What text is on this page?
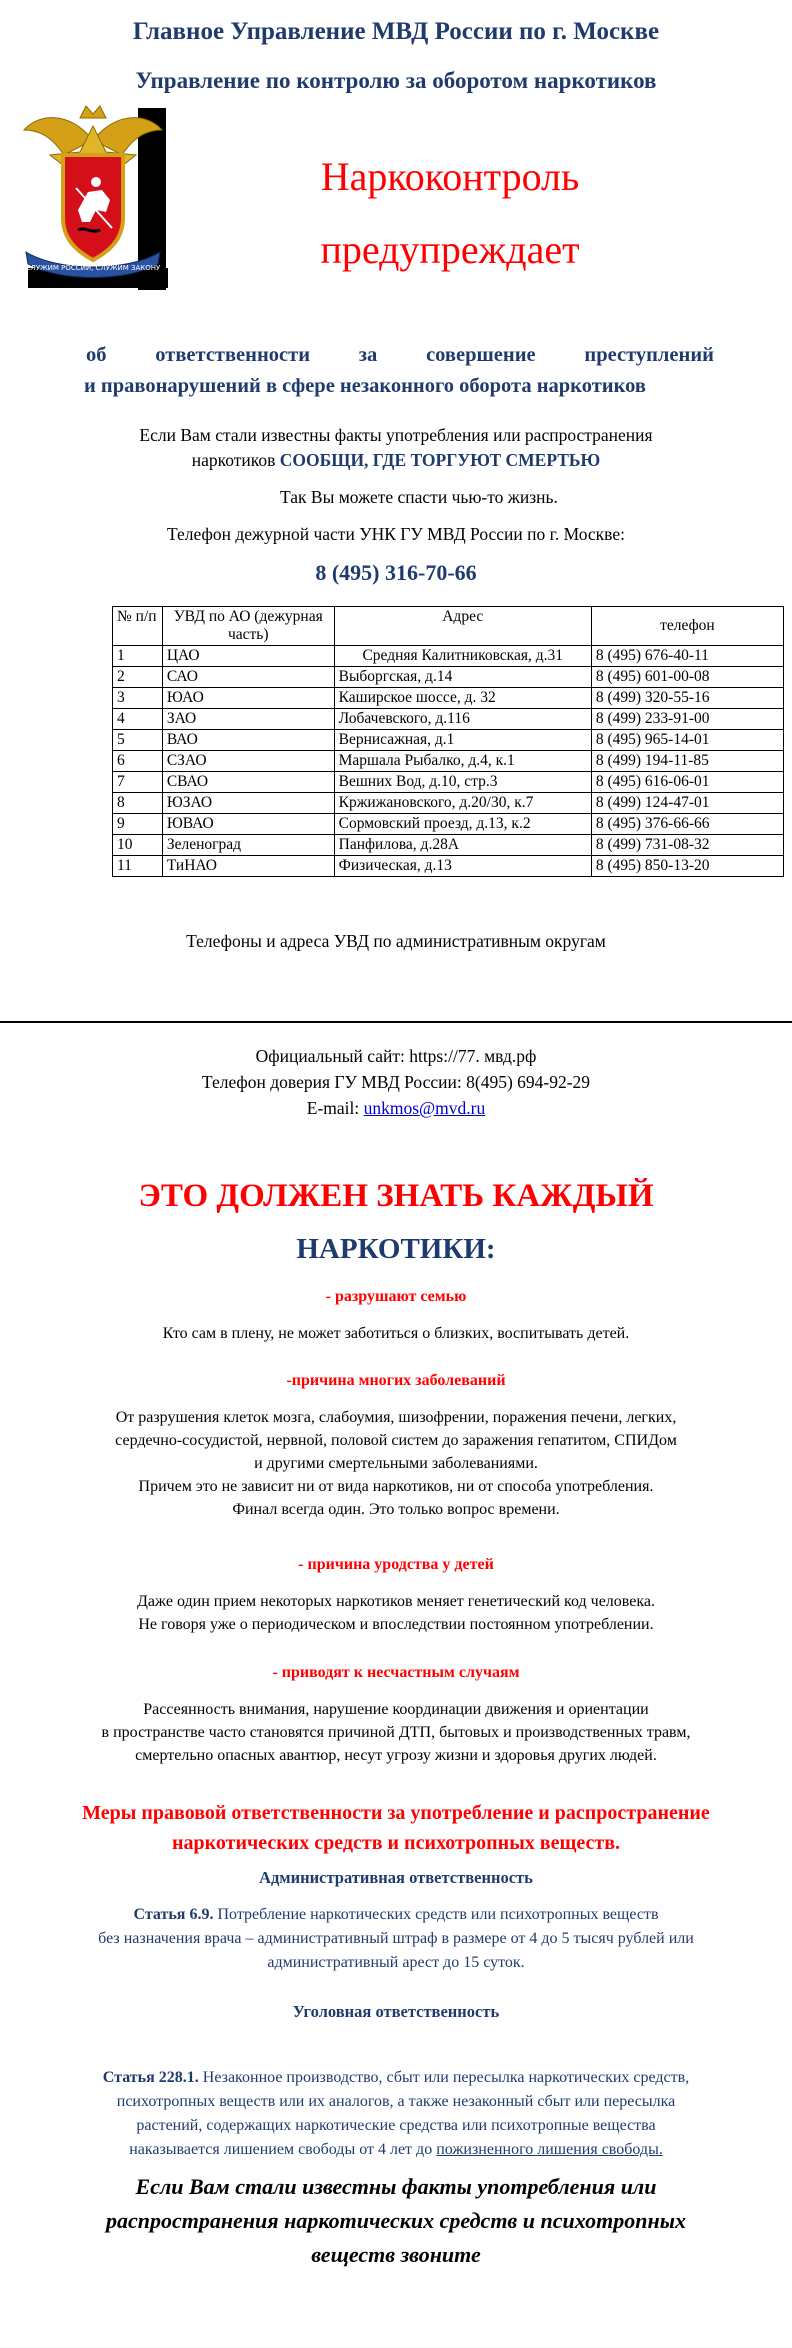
Главное Управление МВД России по г. Москве
Управление по контролю за оборотом наркотиков
СЛУЖИМ РОССИИ, СЛУЖИМ ЗАКОНУ
Наркоконтроль
предупреждает
об ответственности за совершение преступлений
и правонарушений в сфере незаконного оборота наркотиков
Если Вам стали известны факты употребления или распространения
наркотиков СООБЩИ, ГДЕ ТОРГУЮТ СМЕРТЬЮ
Так Вы можете спасти чью-то жизнь.
Телефон дежурной части УНК ГУ МВД России по г. Москве:
8 (495) 316-70-66
№ п/п	УВД по АО (дежурная часть)	Адрес	телефон
1	ЦАО	Средняя Калитниковская, д.31	8 (495) 676-40-11
2	САО	Выборгская, д.14	8 (495) 601-00-08
3	ЮАО	Каширское шоссе, д. 32	8 (499) 320-55-16
4	ЗАО	Лобачевского, д.116	8 (499) 233-91-00
5	ВАО	Вернисажная, д.1	8 (495) 965-14-01
6	СЗАО	Маршала Рыбалко, д.4, к.1	8 (499) 194-11-85
7	СВАО	Вешних Вод, д.10, стр.3	8 (495) 616-06-01
8	ЮЗАО	Кржижановского, д.20/30, к.7	8 (499) 124-47-01
9	ЮВАО	Сормовский проезд, д.13, к.2	8 (495) 376-66-66
10	Зеленоград	Панфилова, д.28А	8 (499) 731-08-32
11	ТиНАО	Физическая, д.13	8 (495) 850-13-20
Телефоны и адреса УВД по административным округам
Официальный сайт: https://77. мвд.рф
Телефон доверия ГУ МВД России: 8(495) 694-92-29
E-mail: unkmos@mvd.ru
ЭТО ДОЛЖЕН ЗНАТЬ КАЖДЫЙ
НАРКОТИКИ:
- разрушают семью
Кто сам в плену, не может заботиться о близких, воспитывать детей.
-причина многих заболеваний
От разрушения клеток мозга, слабоумия, шизофрении, поражения печени, легких,
сердечно-сосудистой, нервной, половой систем до заражения гепатитом, СПИДом
и другими смертельными заболеваниями.
Причем это не зависит ни от вида наркотиков, ни от способа употребления.
Финал всегда один. Это только вопрос времени.
- причина уродства у детей
Даже один прием некоторых наркотиков меняет генетический код человека.
Не говоря уже о периодическом и впоследствии постоянном употреблении.
- приводят к несчастным случаям
Рассеянность внимания, нарушение координации движения и ориентации
в пространстве часто становятся причиной ДТП, бытовых и производственных травм,
смертельно опасных авантюр, несут угрозу жизни и здоровья других людей.
Меры правовой ответственности за употребление и распространение
наркотических средств и психотропных веществ.
Административная ответственность
Статья 6.9. Потребление наркотических средств или психотропных веществ
без назначения врача – административный штраф в размере от 4 до 5 тысяч рублей или
административный арест до 15 суток.
Уголовная ответственность
Статья 228.1. Незаконное производство, сбыт или пересылка наркотических средств,
психотропных веществ или их аналогов, а также незаконный сбыт или пересылка
растений, содержащих наркотические средства или психотропные вещества
наказывается лишением свободы от 4 лет до пожизненного лишения свободы.
Если Вам стали известны факты употребления или
распространения наркотических средств и психотропных
веществ звоните
